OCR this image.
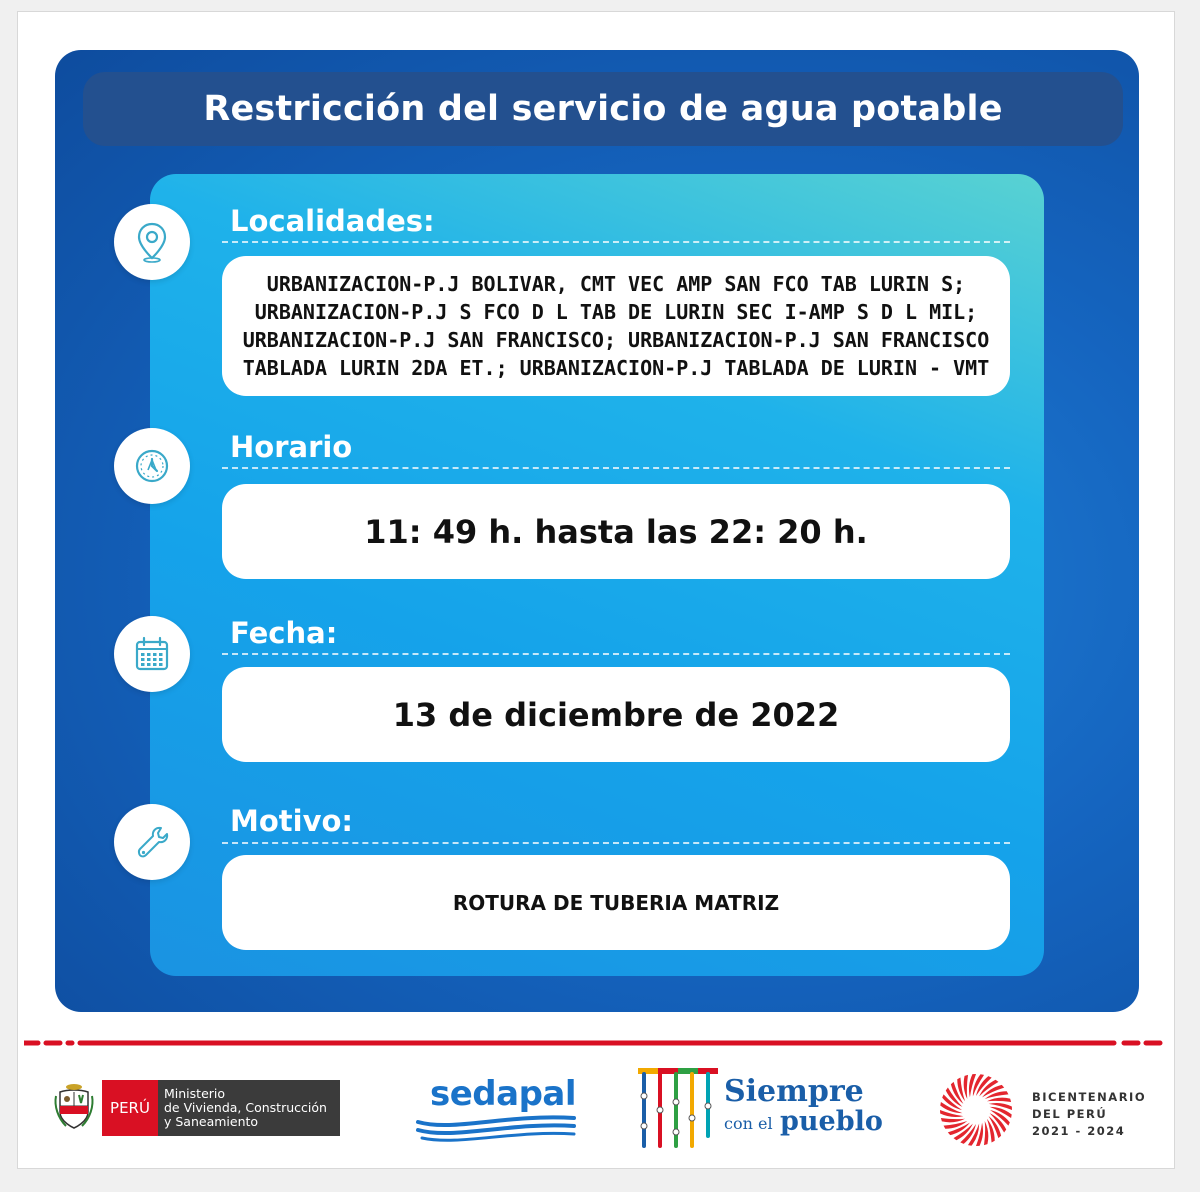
Restricción del servicio de agua potable
Localidades:
URBANIZACION-P.J BOLIVAR, CMT VEC AMP SAN FCO TAB LURIN S; URBANIZACION-P.J S FCO D L TAB DE LURIN SEC I-AMP S D L MIL; URBANIZACION-P.J SAN FRANCISCO; URBANIZACION-P.J SAN FRANCISCO TABLADA LURIN 2DA ET.; URBANIZACION-P.J TABLADA DE LURIN - VMT
Horario
11: 49 h. hasta las 22: 20 h.
Fecha:
13 de diciembre de 2022
Motivo:
ROTURA DE TUBERIA MATRIZ
PERÚ
Ministerio
de Vivienda, Construcción
y Saneamiento
sedapal	Siempre
con el pueblo
BICENTENARIO
DEL PERÚ
2021 - 2024
